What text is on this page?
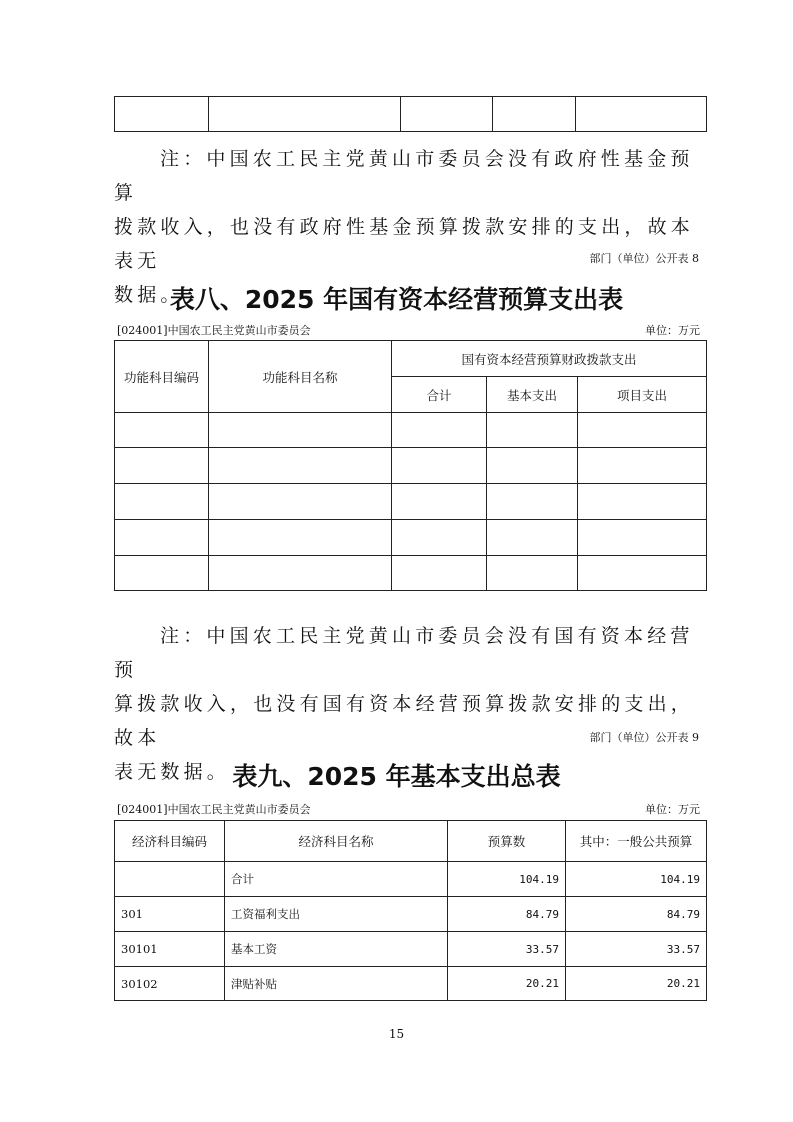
注：中国农工民主党黄山市委员会没有政府性基金预算

拨款收入，也没有政府性基金预算拨款安排的支出，故本表无

数据。

部门（单位）公开表 8
表八、2025 年国有资本经营预算支出表
[024001]中国农工民主党黄山市委员会	单位：万元
功能科目编码	功能科目名称	国有资本经营预算财政拨款支出		
		合计	基本支出	项目支出

注：中国农工民主党黄山市委员会没有国有资本经营预

算拨款收入，也没有国有资本经营预算拨款安排的支出，故本

表无数据。

部门（单位）公开表 9
表九、2025 年基本支出总表
[024001]中国农工民主党黄山市委员会	单位：万元
经济科目编码	经济科目名称	预算数	其中：一般公共预算
	合计	104.19	104.19
301	工资福利支出	84.79	84.79
30101	基本工资	33.57	33.57
30102	津贴补贴	20.21	20.21
15
